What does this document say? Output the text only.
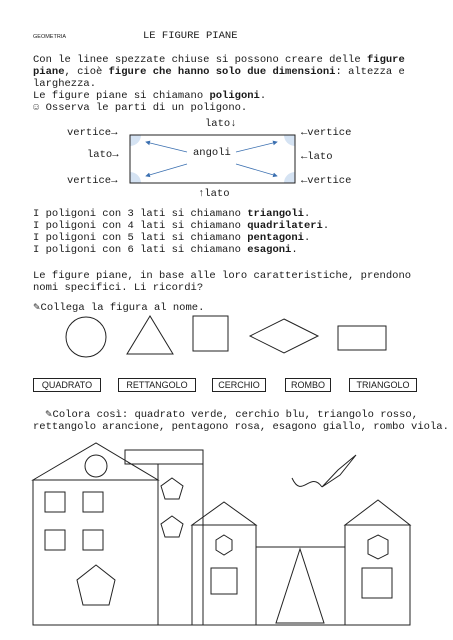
GEOMETRIA	LE FIGURE PIANE
Con le linee spezzate chiuse si possono creare delle figure
piane, cioè figure che hanno solo due dimensioni: altezza e
larghezza.
Le figure piane si chiamano poligoni.
☺ Osserva le parti di un poligono.
lato↓
vertice→	←vertice
lato→	angoli	←lato
vertice→	←vertice
↑lato
I poligoni con 3 lati si chiamano triangoli.
I poligoni con 4 lati si chiamano quadrilateri.
I poligoni con 5 lati si chiamano pentagoni.
I poligoni con 6 lati si chiamano esagoni.
Le figure piane, in base alle loro caratteristiche, prendono
nomi specifici. Li ricordi?
✎Collega la figura al nome.
QUADRATO	RETTANGOLO	CERCHIO	ROMBO	TRIANGOLO
✎Colora così: quadrato verde, cerchio blu, triangolo rosso,
rettangolo arancione, pentagono rosa, esagono giallo, rombo viola.
